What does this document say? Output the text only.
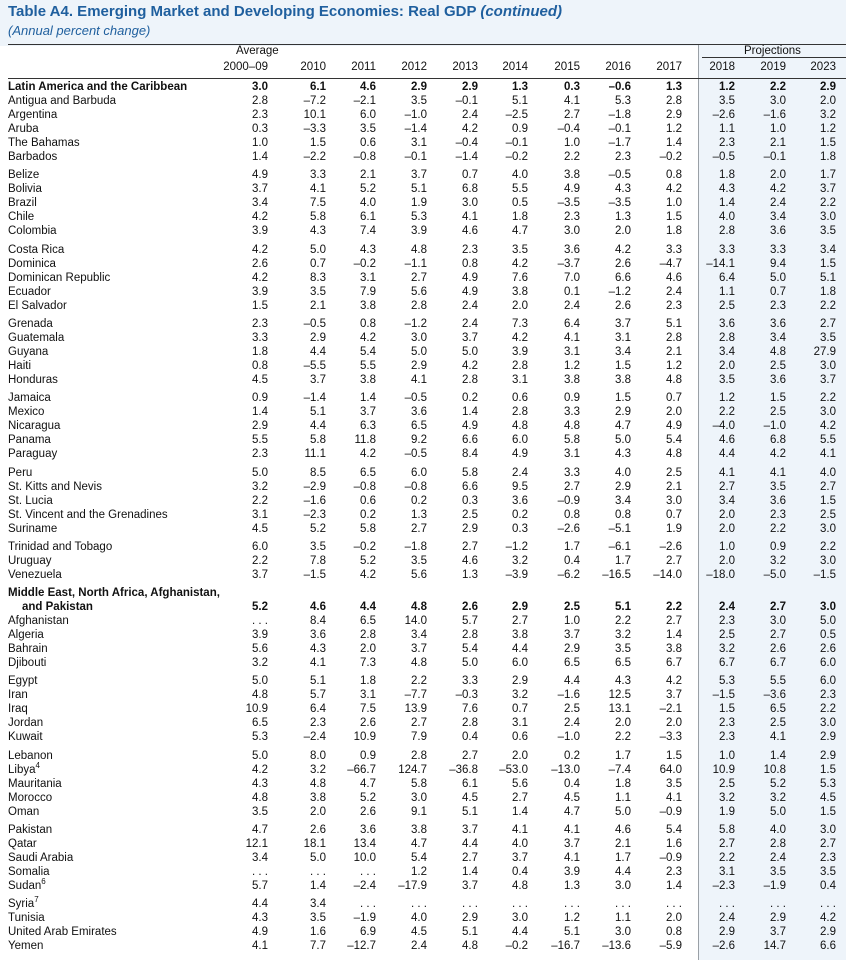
Table A4. Emerging Market and Developing Economies: Real GDP (continued)
(Annual percent change)
Average	Projections
2000–09	2010	2011	2012	2013	2014	2015	2016	2017	2018	2019	2023
Latin America and the Caribbean	3.0	6.1	4.6	2.9	2.9	1.3	0.3	–0.6	1.3	1.2	2.2	2.9
Antigua and Barbuda	2.8	–7.2	–2.1	3.5	–0.1	5.1	4.1	5.3	2.8	3.5	3.0	2.0
Argentina	2.3	10.1	6.0	–1.0	2.4	–2.5	2.7	–1.8	2.9	–2.6	–1.6	3.2
Aruba	0.3	–3.3	3.5	–1.4	4.2	0.9	–0.4	–0.1	1.2	1.1	1.0	1.2
The Bahamas	1.0	1.5	0.6	3.1	–0.4	–0.1	1.0	–1.7	1.4	2.3	2.1	1.5
Barbados	1.4	–2.2	–0.8	–0.1	–1.4	–0.2	2.2	2.3	–0.2	–0.5	–0.1	1.8
Belize	4.9	3.3	2.1	3.7	0.7	4.0	3.8	–0.5	0.8	1.8	2.0	1.7
Bolivia	3.7	4.1	5.2	5.1	6.8	5.5	4.9	4.3	4.2	4.3	4.2	3.7
Brazil	3.4	7.5	4.0	1.9	3.0	0.5	–3.5	–3.5	1.0	1.4	2.4	2.2
Chile	4.2	5.8	6.1	5.3	4.1	1.8	2.3	1.3	1.5	4.0	3.4	3.0
Colombia	3.9	4.3	7.4	3.9	4.6	4.7	3.0	2.0	1.8	2.8	3.6	3.5
Costa Rica	4.2	5.0	4.3	4.8	2.3	3.5	3.6	4.2	3.3	3.3	3.3	3.4
Dominica	2.6	0.7	–0.2	–1.1	0.8	4.2	–3.7	2.6	–4.7	–14.1	9.4	1.5
Dominican Republic	4.2	8.3	3.1	2.7	4.9	7.6	7.0	6.6	4.6	6.4	5.0	5.1
Ecuador	3.9	3.5	7.9	5.6	4.9	3.8	0.1	–1.2	2.4	1.1	0.7	1.8
El Salvador	1.5	2.1	3.8	2.8	2.4	2.0	2.4	2.6	2.3	2.5	2.3	2.2
Grenada	2.3	–0.5	0.8	–1.2	2.4	7.3	6.4	3.7	5.1	3.6	3.6	2.7
Guatemala	3.3	2.9	4.2	3.0	3.7	4.2	4.1	3.1	2.8	2.8	3.4	3.5
Guyana	1.8	4.4	5.4	5.0	5.0	3.9	3.1	3.4	2.1	3.4	4.8	27.9
Haiti	0.8	–5.5	5.5	2.9	4.2	2.8	1.2	1.5	1.2	2.0	2.5	3.0
Honduras	4.5	3.7	3.8	4.1	2.8	3.1	3.8	3.8	4.8	3.5	3.6	3.7
Jamaica	0.9	–1.4	1.4	–0.5	0.2	0.6	0.9	1.5	0.7	1.2	1.5	2.2
Mexico	1.4	5.1	3.7	3.6	1.4	2.8	3.3	2.9	2.0	2.2	2.5	3.0
Nicaragua	2.9	4.4	6.3	6.5	4.9	4.8	4.8	4.7	4.9	–4.0	–1.0	4.2
Panama	5.5	5.8	11.8	9.2	6.6	6.0	5.8	5.0	5.4	4.6	6.8	5.5
Paraguay	2.3	11.1	4.2	–0.5	8.4	4.9	3.1	4.3	4.8	4.4	4.2	4.1
Peru	5.0	8.5	6.5	6.0	5.8	2.4	3.3	4.0	2.5	4.1	4.1	4.0
St. Kitts and Nevis	3.2	–2.9	–0.8	–0.8	6.6	9.5	2.7	2.9	2.1	2.7	3.5	2.7
St. Lucia	2.2	–1.6	0.6	0.2	0.3	3.6	–0.9	3.4	3.0	3.4	3.6	1.5
St. Vincent and the Grenadines	3.1	–2.3	0.2	1.3	2.5	0.2	0.8	0.8	0.7	2.0	2.3	2.5
Suriname	4.5	5.2	5.8	2.7	2.9	0.3	–2.6	–5.1	1.9	2.0	2.2	3.0
Trinidad and Tobago	6.0	3.5	–0.2	–1.8	2.7	–1.2	1.7	–6.1	–2.6	1.0	0.9	2.2
Uruguay	2.2	7.8	5.2	3.5	4.6	3.2	0.4	1.7	2.7	2.0	3.2	3.0
Venezuela	3.7	–1.5	4.2	5.6	1.3	–3.9	–6.2	–16.5	–14.0	–18.0	–5.0	–1.5
Middle East, North Africa, Afghanistan,
and Pakistan	5.2	4.6	4.4	4.8	2.6	2.9	2.5	5.1	2.2	2.4	2.7	3.0
Afghanistan	. . .	8.4	6.5	14.0	5.7	2.7	1.0	2.2	2.7	2.3	3.0	5.0
Algeria	3.9	3.6	2.8	3.4	2.8	3.8	3.7	3.2	1.4	2.5	2.7	0.5
Bahrain	5.6	4.3	2.0	3.7	5.4	4.4	2.9	3.5	3.8	3.2	2.6	2.6
Djibouti	3.2	4.1	7.3	4.8	5.0	6.0	6.5	6.5	6.7	6.7	6.7	6.0
Egypt	5.0	5.1	1.8	2.2	3.3	2.9	4.4	4.3	4.2	5.3	5.5	6.0
Iran	4.8	5.7	3.1	–7.7	–0.3	3.2	–1.6	12.5	3.7	–1.5	–3.6	2.3
Iraq	10.9	6.4	7.5	13.9	7.6	0.7	2.5	13.1	–2.1	1.5	6.5	2.2
Jordan	6.5	2.3	2.6	2.7	2.8	3.1	2.4	2.0	2.0	2.3	2.5	3.0
Kuwait	5.3	–2.4	10.9	7.9	0.4	0.6	–1.0	2.2	–3.3	2.3	4.1	2.9
Lebanon	5.0	8.0	0.9	2.8	2.7	2.0	0.2	1.7	1.5	1.0	1.4	2.9
Libya$^4$	4.2	3.2	–66.7	124.7	–36.8	–53.0	–13.0	–7.4	64.0	10.9	10.8	1.5
Mauritania	4.3	4.8	4.7	5.8	6.1	5.6	0.4	1.8	3.5	2.5	5.2	5.3
Morocco	4.8	3.8	5.2	3.0	4.5	2.7	4.5	1.1	4.1	3.2	3.2	4.5
Oman	3.5	2.0	2.6	9.1	5.1	1.4	4.7	5.0	–0.9	1.9	5.0	1.5
Pakistan	4.7	2.6	3.6	3.8	3.7	4.1	4.1	4.6	5.4	5.8	4.0	3.0
Qatar	12.1	18.1	13.4	4.7	4.4	4.0	3.7	2.1	1.6	2.7	2.8	2.7
Saudi Arabia	3.4	5.0	10.0	5.4	2.7	3.7	4.1	1.7	–0.9	2.2	2.4	2.3
Somalia	. . .	. . .	. . .	1.2	1.4	0.4	3.9	4.4	2.3	3.1	3.5	3.5
Sudan$^6$	5.7	1.4	–2.4	–17.9	3.7	4.8	1.3	3.0	1.4	–2.3	–1.9	0.4
Syria$^7$	4.4	3.4	. . .	. . .	. . .	. . .	. . .	. . .	. . .	. . .	. . .	. . .
Tunisia	4.3	3.5	–1.9	4.0	2.9	3.0	1.2	1.1	2.0	2.4	2.9	4.2
United Arab Emirates	4.9	1.6	6.9	4.5	5.1	4.4	5.1	3.0	0.8	2.9	3.7	2.9
Yemen	4.1	7.7	–12.7	2.4	4.8	–0.2	–16.7	–13.6	–5.9	–2.6	14.7	6.6
